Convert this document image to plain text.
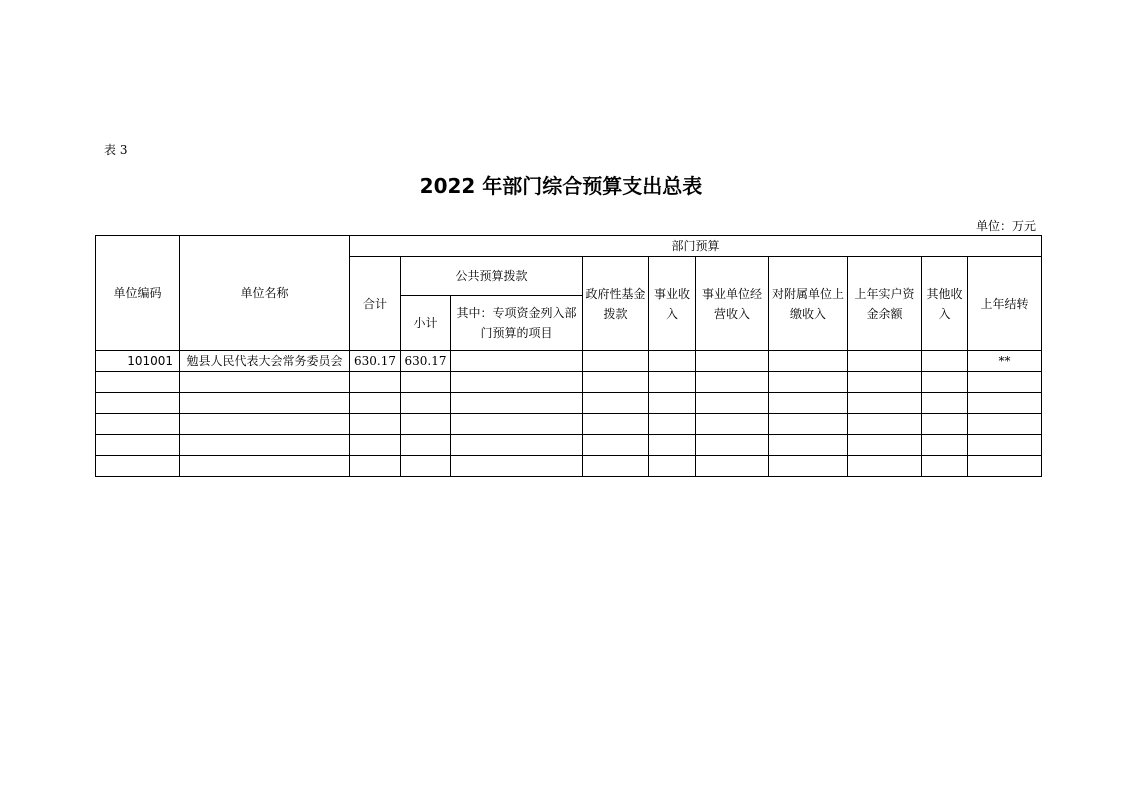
表 3
2022 年部门综合预算支出总表
单位：万元
单位编码	单位名称	部门预算									
		合计	公共预算拨款		政府性基金拨款	事业收入	事业单位经营收入	对附属单位上缴收入	上年实户资金余额	其他收入	上年结转
			小计	其中：专项资金列入部门预算的项目							
101001	勉县人民代表大会常务委员会	630.17	630.17								**
